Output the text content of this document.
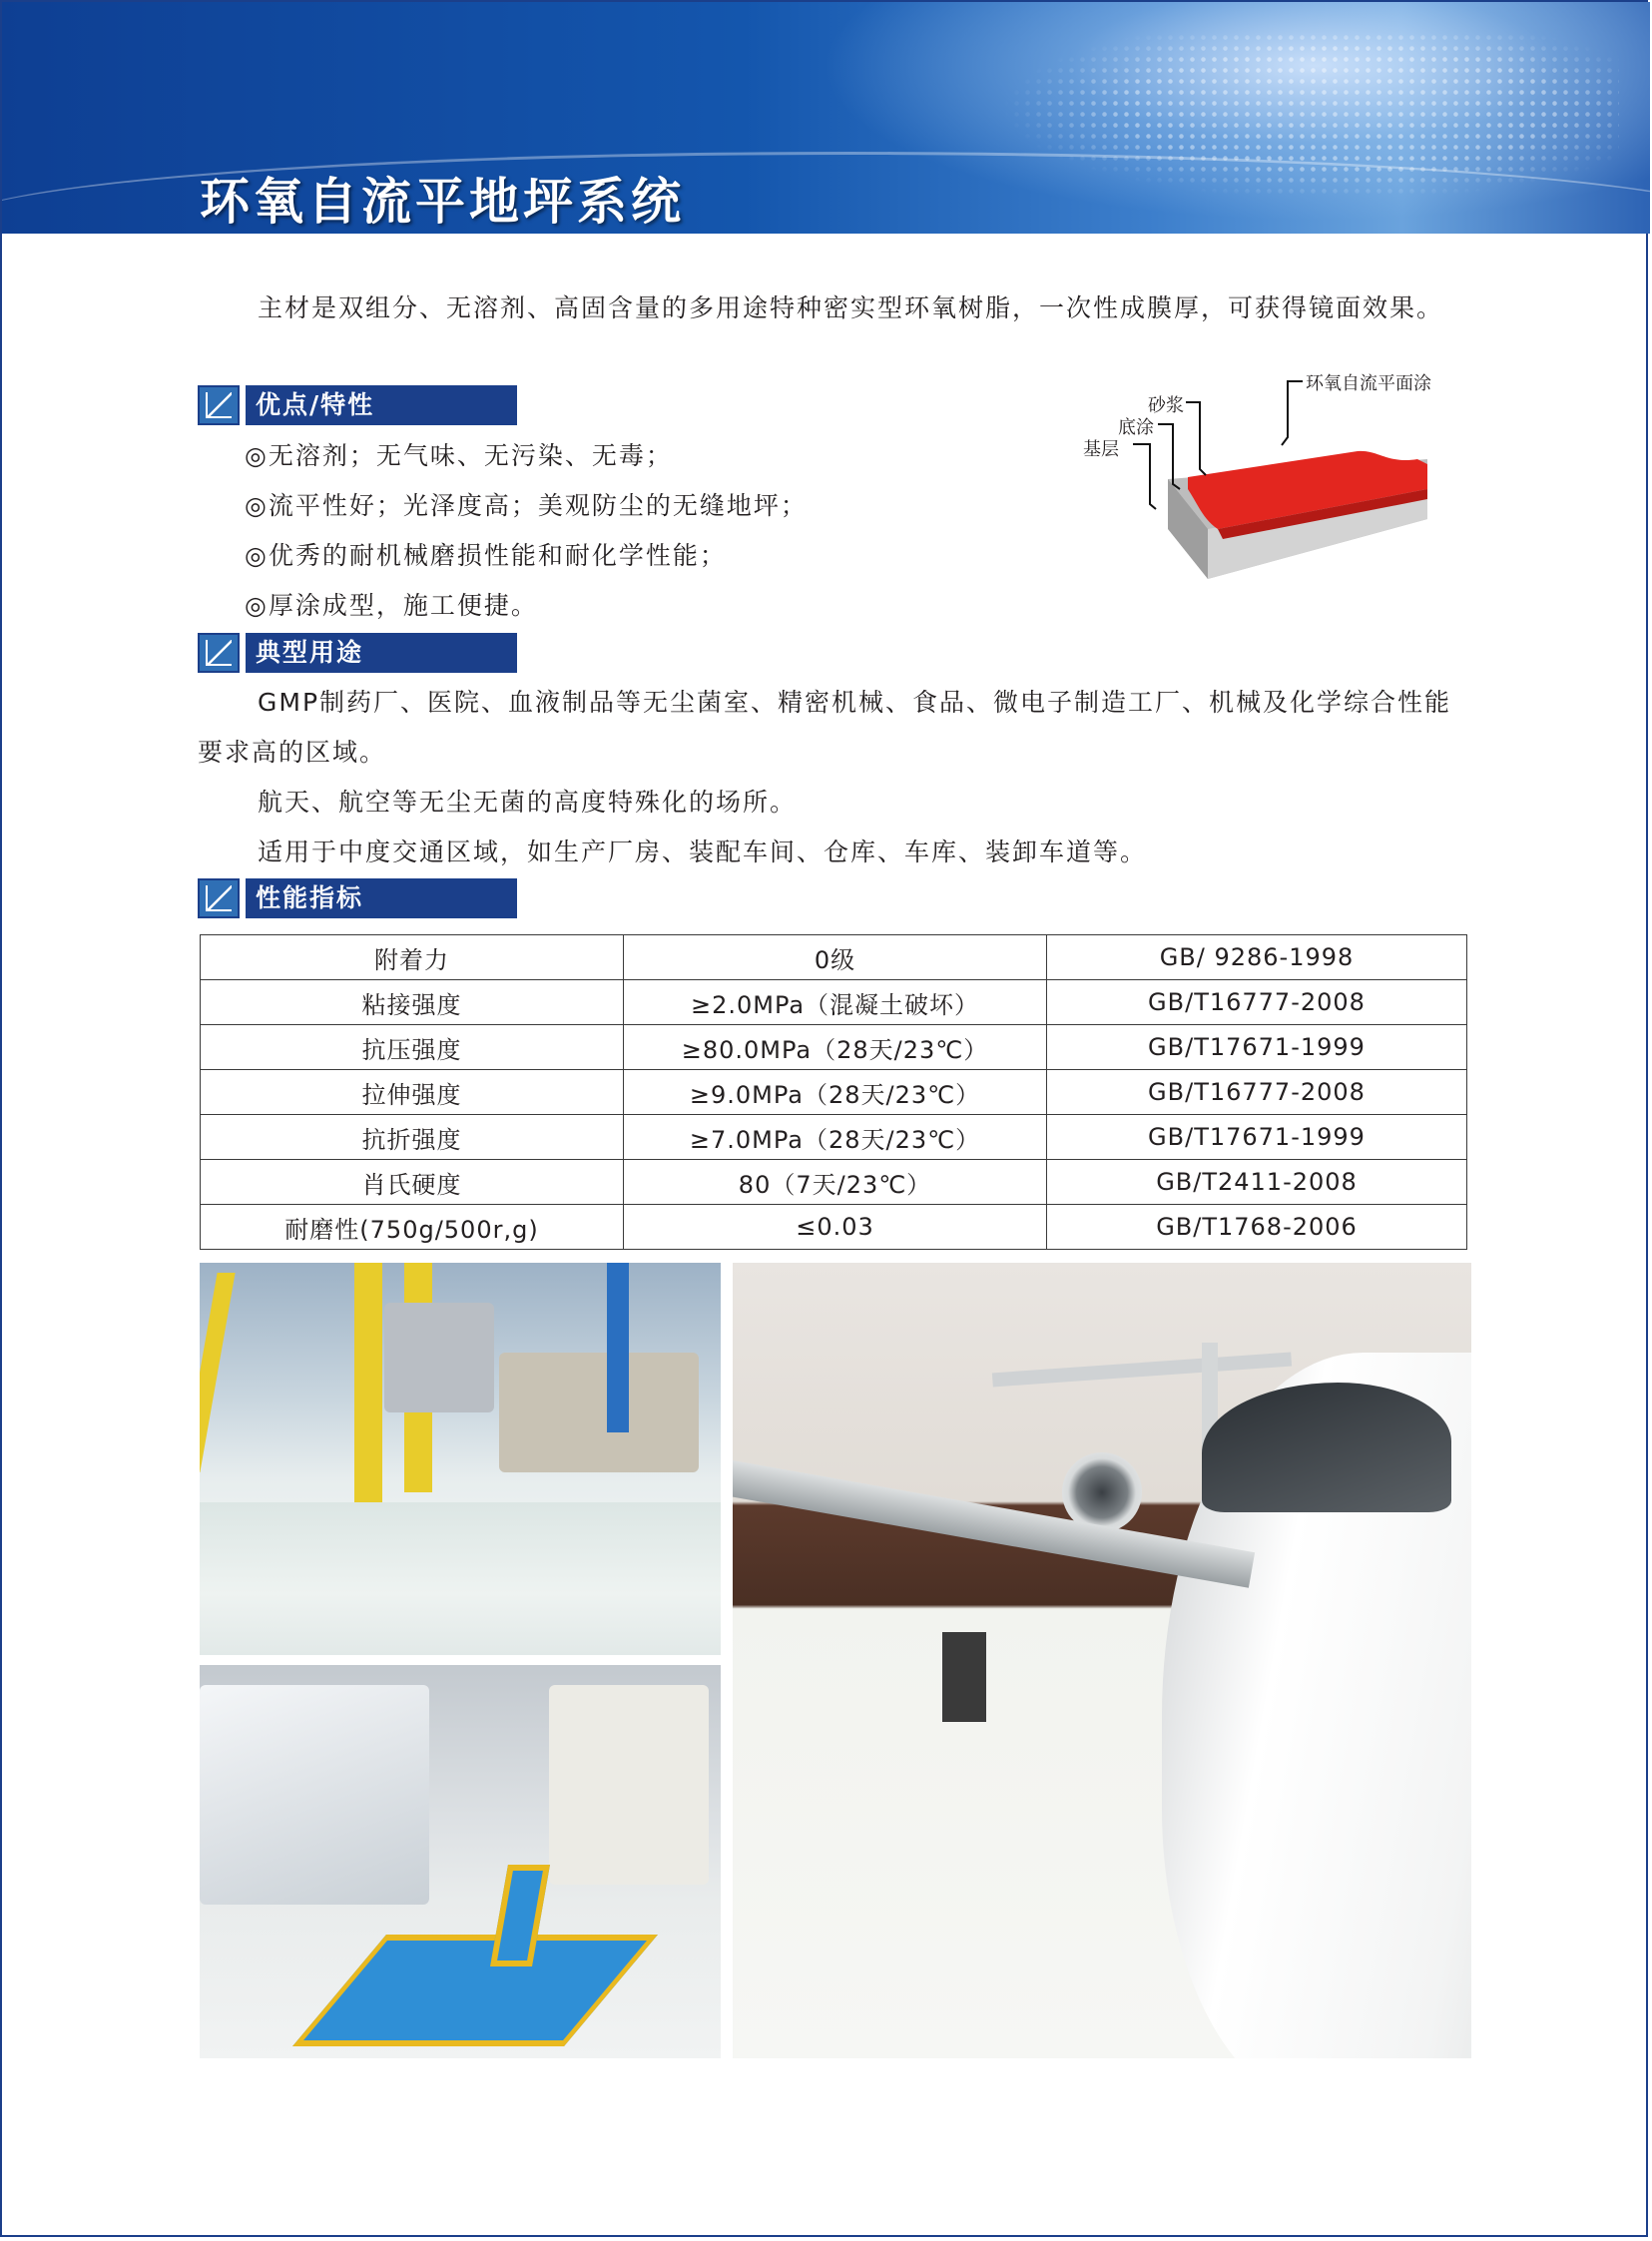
环氧自流平地坪系统

主材是双组分、无溶剂、高固含量的多用途特种密实型环氧树脂，一次性成膜厚，可获得镜面效果。

优点/特性
◎无溶剂；无气味、无污染、无毒；
◎流平性好；光泽度高；美观防尘的无缝地坪；
◎优秀的耐机械磨损性能和耐化学性能；
◎厚涂成型，施工便捷。
环氧自流平面涂
砂浆
底涂
基层
典型用途

GMP制药厂、医院、血液制品等无尘菌室、精密机械、食品、微电子制造工厂、机械及化学综合性能要求高的区域。

航天、航空等无尘无菌的高度特殊化的场所。

适用于中度交通区域，如生产厂房、装配车间、仓库、车库、装卸车道等。

性能指标
附着力	0级	GB/ 9286-1998
粘接强度	≥2.0MPa（混凝土破坏）	GB/T16777-2008
抗压强度	≥80.0MPa（28天/23℃）	GB/T17671-1999
拉伸强度	≥9.0MPa（28天/23℃）	GB/T16777-2008
抗折强度	≥7.0MPa（28天/23℃）	GB/T17671-1999
肖氏硬度	80（7天/23℃）	GB/T2411-2008
耐磨性(750g/500r,g)	≤0.03	GB/T1768-2006
